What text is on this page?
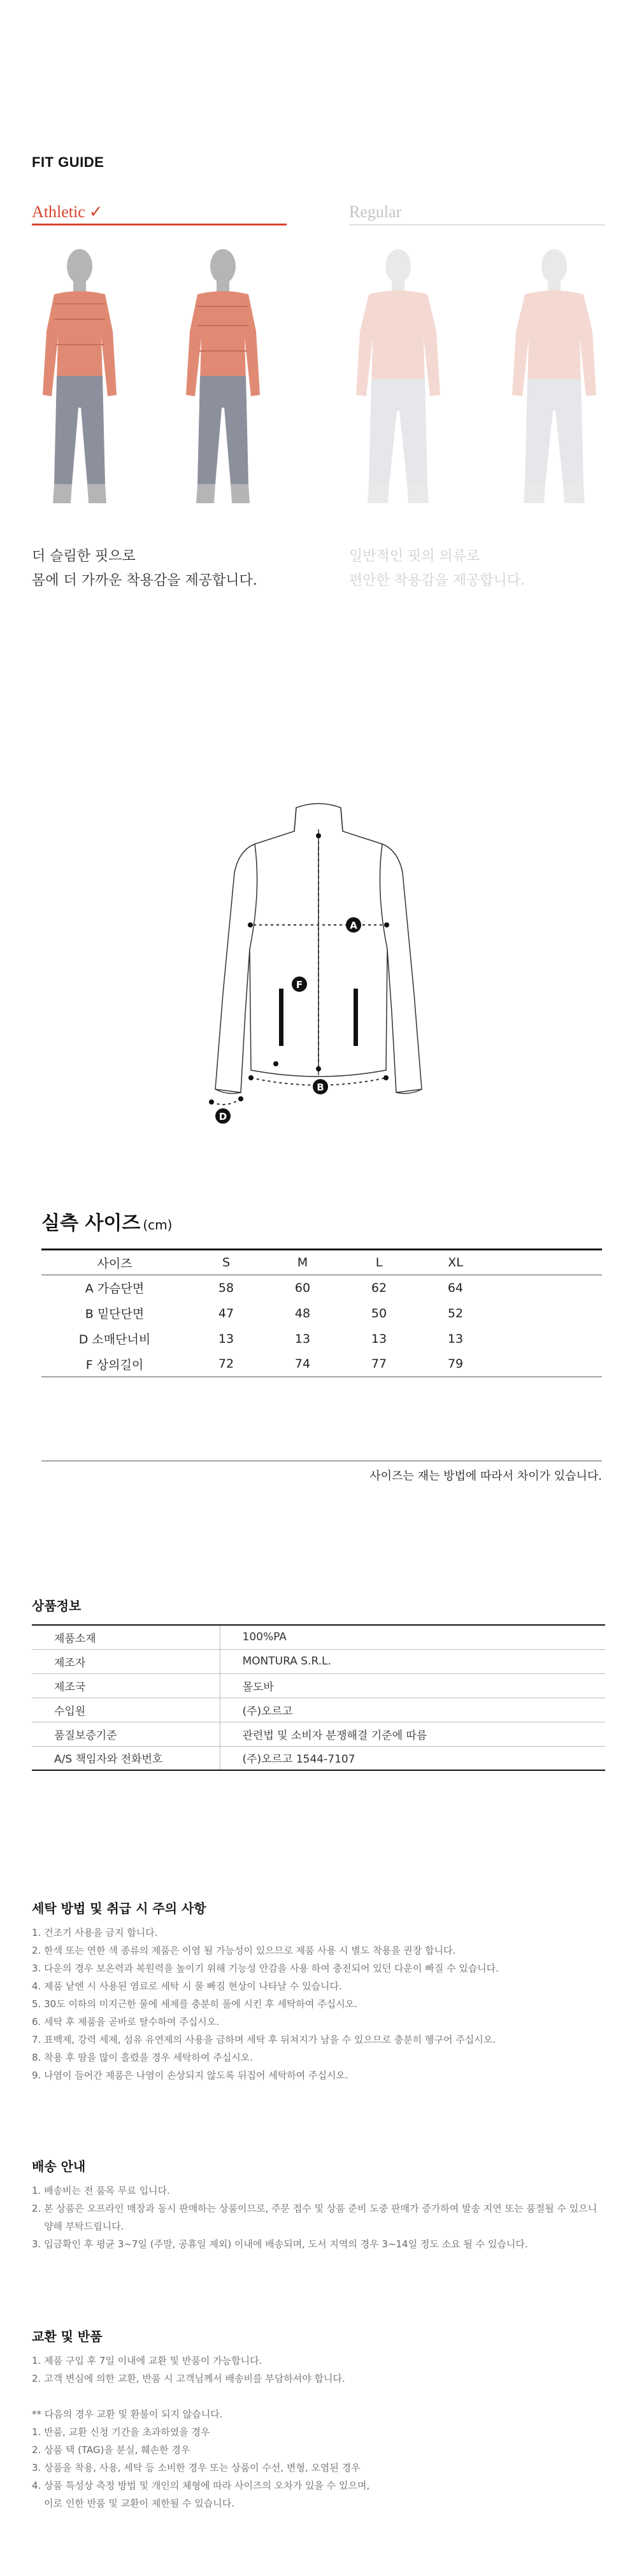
FIT GUIDE
Athletic ✓	Regular
더 슬림한 핏으로
몸에 더 가까운 착용감을 제공합니다.
일반적인 핏의 의류로
편안한 착용감을 제공합니다.
A
F
B
D
실측 사이즈 (cm)
사이즈	S	M	L	XL	
A 가슴단면	58	60	62	64	
B 밑단단면	47	48	50	52	
D 소매단너비	13	13	13	13	
F 상의길이	72	74	77	79	
사이즈는 재는 방법에 따라서 차이가 있습니다.
상품정보
제품소재	100%PA
제조자	MONTURA S.R.L.
제조국	몰도바
수입원	(주)오르고
품질보증기준	관련법 및 소비자 분쟁해결 기준에 따름
A/S 책임자와 전화번호	(주)오르고 1544-7107
세탁 방법 및 취급 시 주의 사항

1. 건조기 사용을 금지 합니다.

2. 한색 또는 연한 색 종류의 제품은 이염 될 가능성이 있으므로 제품 사용 시 별도 착용을 권장 합니다.

3. 다운의 경우 보온력과 복원력을 높이기 위해 기능성 안감을 사용 하여 충전되어 있던 다운이 빠질 수 있습니다.

4. 제품 낱엔 시 사용된 염료로 세탁 시 물 빠짐 현상이 나타날 수 있습니다.

5. 30도 이하의 미지근한 물에 세제를 충분히 풀에 시킨 후 세탁하여 주십시오.

6. 세탁 후 제품을 곧바로 탈수하여 주십시오.

7. 표백제, 강력 세제, 섬유 유연제의 사용을 금하며 세탁 후 뒤쳐지가 남을 수 있으므로 충분히 헹구어 주십시오.

8. 착용 후 땀을 많이 흘렸을 경우 세탁하여 주십시오.

9. 나염이 들어간 제품은 나염이 손상되지 않도록 뒤집어 세탁하여 주십시오.

배송 안내

1. 배송비는 전 품목 무료 입니다.

2. 본 상품은 오프라인 매장과 동시 판매하는 상품이므로, 주문 접수 및 상품 준비 도중 판매가 증가하여 발송 지연 또는 품절될 수 있으니

양해 부탁드립니다.

3. 입금확인 후 평균 3~7일 (주말, 공휴일 제외) 이내에 배송되며, 도서 지역의 경우 3~14일 정도 소요 될 수 있습니다.

교환 및 반품

1. 제품 구입 후 7일 이내에 교환 및 반품이 가능합니다.

2. 고객 변심에 의한 교환, 반품 시 고객님께서 배송비를 부담하셔야 합니다.

** 다음의 경우 교환 및 환불이 되지 않습니다.

1. 반품, 교환 신청 기간을 초과하였을 경우

2. 상품 택 (TAG)을 분실, 훼손한 경우

3. 상품을 착용, 사용, 세탁 등 소비한 경우 또는 상품이 수선, 변형, 오염된 경우

4. 상품 특성상 측정 방법 및 개인의 체형에 따라 사이즈의 오차가 있을 수 있으며,

이로 인한 반품 및 교환이 제한될 수 있습니다.
